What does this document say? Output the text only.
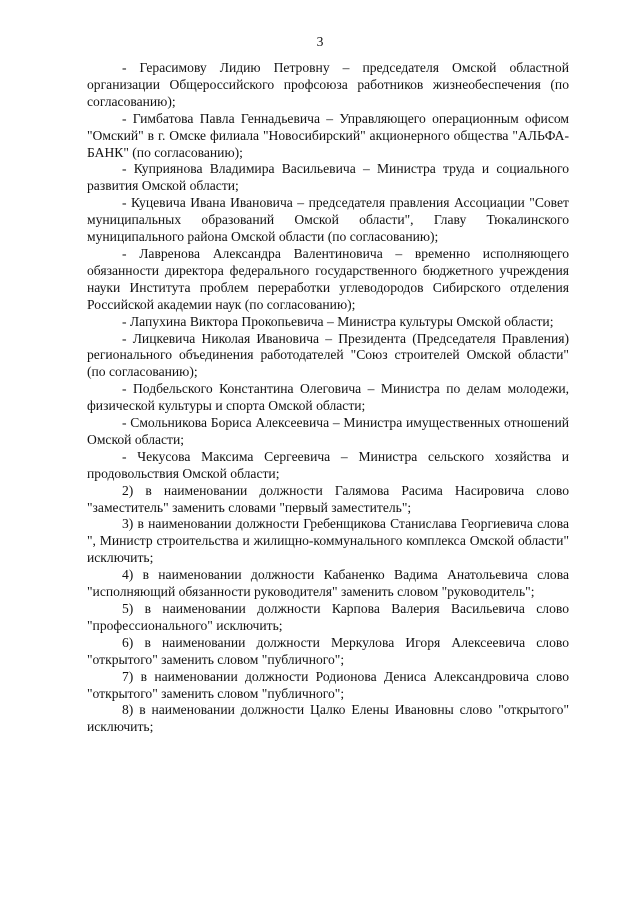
3

- Герасимову Лидию Петровну – председателя Омской областной организации Общероссийского профсоюза работников жизнеобеспечения (по согласованию);

- Гимбатова Павла Геннадьевича – Управляющего операционным офисом "Омский" в г. Омске филиала "Новосибирский" акционерного общества "АЛЬФА-БАНК" (по согласованию);

- Куприянова Владимира Васильевича – Министра труда и социального развития Омской области;

- Куцевича Ивана Ивановича – председателя правления Ассоциации "Совет муниципальных образований Омской области", Главу Тюкалинского муниципального района Омской области (по согласованию);

- Лавренова Александра Валентиновича – временно исполняющего обязанности директора федерального государственного бюджетного учреждения науки Института проблем переработки углеводородов Сибирского отделения Российской академии наук (по согласованию);

- Лапухина Виктора Прокопьевича – Министра культуры Омской области;

- Лицкевича Николая Ивановича – Президента (Председателя Правления) регионального объединения работодателей "Союз строителей Омской области" (по согласованию);

- Подбельского Константина Олеговича – Министра по делам молодежи, физической культуры и спорта Омской области;

- Смольникова Бориса Алексеевича – Министра имущественных отношений Омской области;

- Чекусова Максима Сергеевича – Министра сельского хозяйства и продовольствия Омской области;

2) в наименовании должности Галямова Расима Насировича слово "заместитель" заменить словами "первый заместитель";

3) в наименовании должности Гребенщикова Станислава Георгиевича слова ", Министр строительства и жилищно-коммунального комплекса Омской области" исключить;

4) в наименовании должности Кабаненко Вадима Анатольевича слова "исполняющий обязанности руководителя" заменить словом "руководитель";

5) в наименовании должности Карпова Валерия Васильевича слово "профессионального" исключить;

6) в наименовании должности Меркулова Игоря Алексеевича слово "открытого" заменить словом "публичного";

7) в наименовании должности Родионова Дениса Александровича слово "открытого" заменить словом "публичного";

8) в наименовании должности Цалко Елены Ивановны слово "открытого" исключить;
